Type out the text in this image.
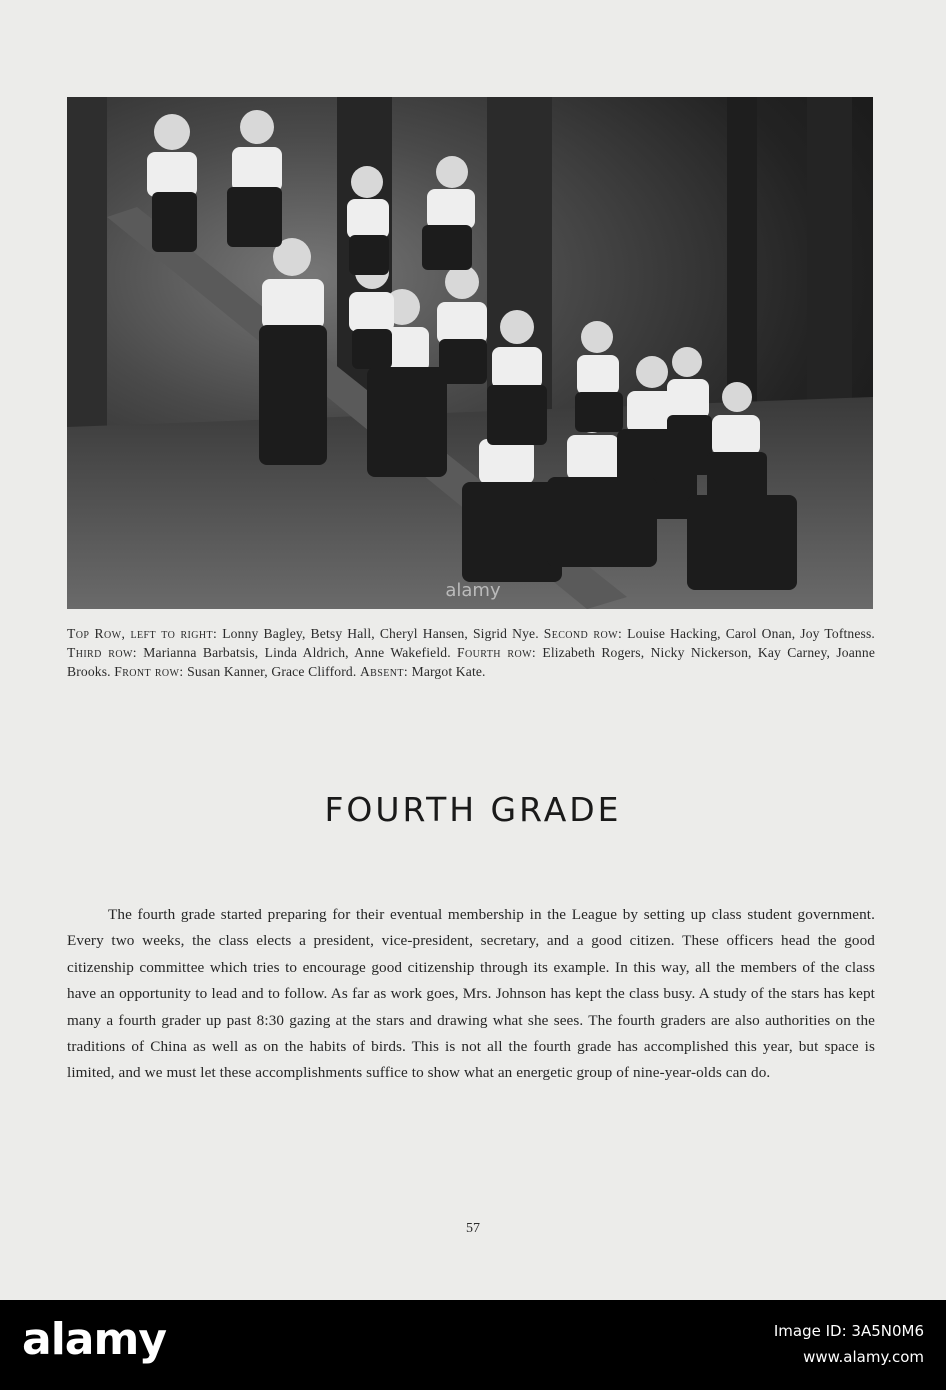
alamy
Top Row, left to right: Lonny Bagley, Betsy Hall, Cheryl Hansen, Sigrid Nye. Second row: Louise Hacking, Carol Onan, Joy Toftness. Third row: Marianna Barbatsis, Linda Aldrich, Anne Wakefield. Fourth row: Elizabeth Rogers, Nicky Nickerson, Kay Carney, Joanne Brooks. Front row: Susan Kanner, Grace Clifford. Absent: Margot Kate.
FOURTH GRADE
The fourth grade started preparing for their eventual membership in the League by setting up class student government. Every two weeks, the class elects a president, vice-president, secretary, and a good citizen. These officers head the good citizenship committee which tries to encourage good citizenship through its example. In this way, all the members of the class have an opportunity to lead and to follow. As far as work goes, Mrs. Johnson has kept the class busy. A study of the stars has kept many a fourth grader up past 8:30 gazing at the stars and drawing what she sees. The fourth graders are also authorities on the traditions of China as well as on the habits of birds. This is not all the fourth grade has accomplished this year, but space is limited, and we must let these accomplishments suffice to show what an energetic group of nine-year-olds can do.
57
alamy	Image ID: 3A5N0M6
www.alamy.com
